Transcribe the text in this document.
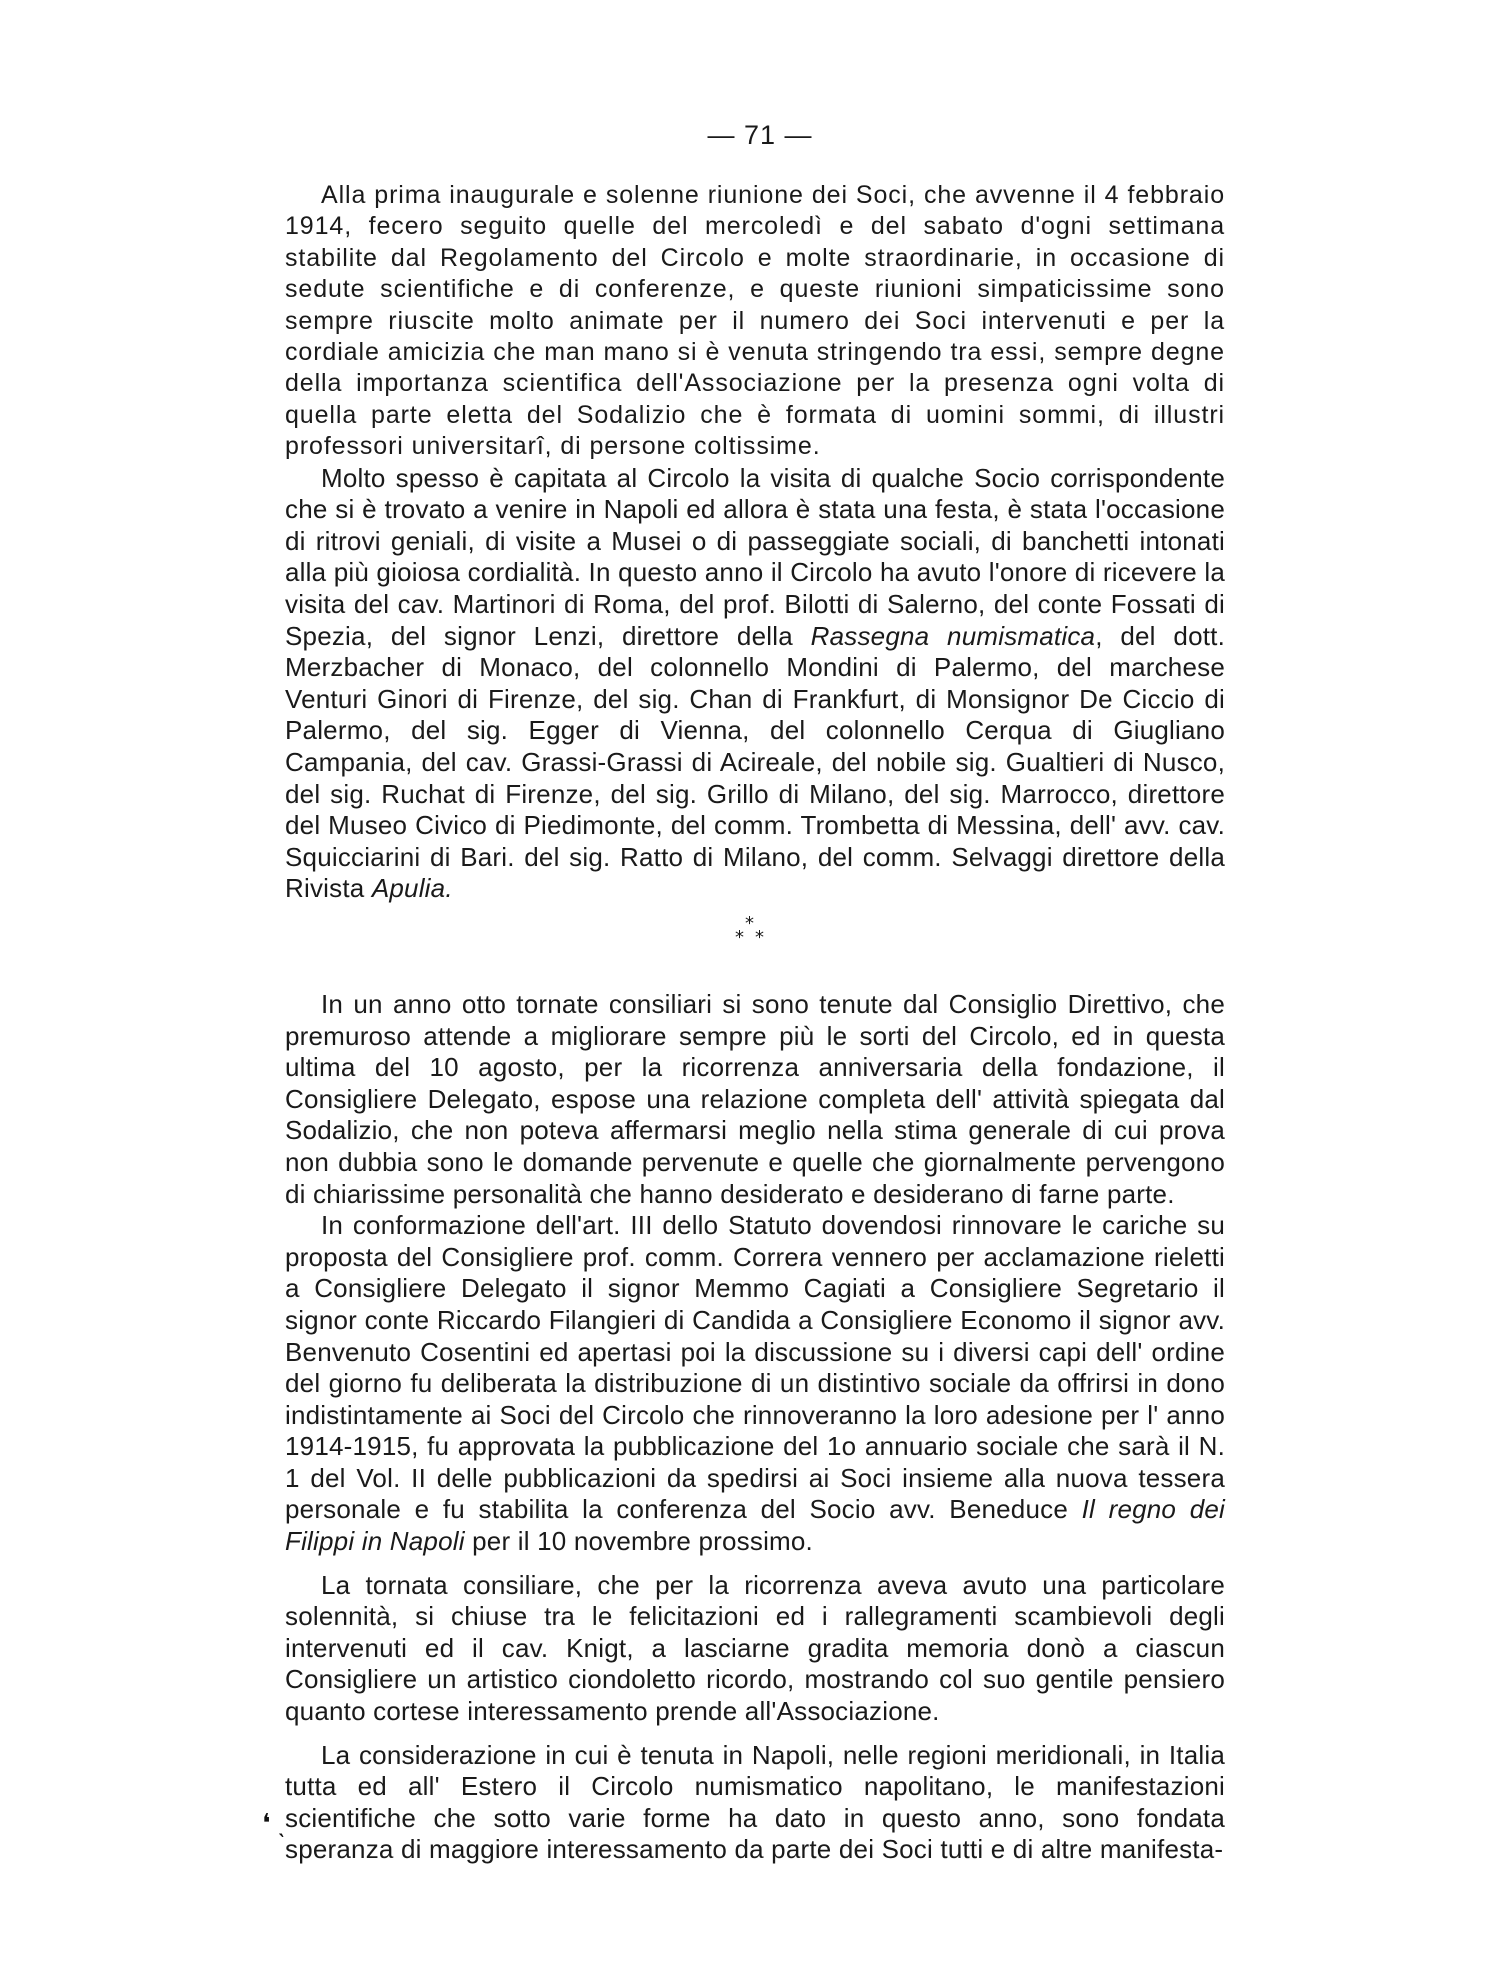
— 71 —

Alla prima inaugurale e solenne riunione dei Soci, che avvenne il 4 febbraio 1914, fecero seguito quelle del mercoledì e del sabato d'ogni settimana stabilite dal Regolamento del Circolo e molte straordinarie, in occasione di sedute scientifiche e di conferenze, e queste riunioni simpaticissime sono sempre riuscite molto animate per il numero dei Soci intervenuti e per la cordiale amicizia che man mano si è venuta stringendo tra essi, sempre degne della importanza scientifica dell'Associazione per la presenza ogni volta di quella parte eletta del Sodalizio che è formata di uomini sommi, di illustri professori universitarî, di persone coltissime.

Molto spesso è capitata al Circolo la visita di qualche Socio corrispondente che si è trovato a venire in Napoli ed allora è stata una festa, è stata l'occasione di ritrovi geniali, di visite a Musei o di passeggiate sociali, di banchetti intonati alla più gioiosa cordialità. In questo anno il Circolo ha avuto l'onore di ricevere la visita del cav. Martinori di Roma, del prof. Bilotti di Salerno, del conte Fossati di Spezia, del signor Lenzi, direttore della Rassegna numismatica, del dott. Merzbacher di Monaco, del colonnello Mondini di Palermo, del marchese Venturi Ginori di Firenze, del sig. Chan di Frankfurt, di Monsignor De Ciccio di Palermo, del sig. Egger di Vienna, del colonnello Cerqua di Giugliano Campania, del cav. Grassi-Grassi di Acireale, del nobile sig. Gualtieri di Nusco, del sig. Ruchat di Firenze, del sig. Grillo di Milano, del sig. Marrocco, direttore del Museo Civico di Piedimonte, del comm. Trombetta di Messina, dell' avv. cav. Squicciarini di Bari. del sig. Ratto di Milano, del comm. Selvaggi direttore della Rivista Apulia.

*
* *

In un anno otto tornate consiliari si sono tenute dal Consiglio Direttivo, che premuroso attende a migliorare sempre più le sorti del Circolo, ed in questa ultima del 10 agosto, per la ricorrenza anniversaria della fondazione, il Consigliere Delegato, espose una relazione completa dell' attività spiegata dal Sodalizio, che non poteva affermarsi meglio nella stima generale di cui prova non dubbia sono le domande pervenute e quelle che giornalmente pervengono di chiarissime personalità che hanno desiderato e desiderano di farne parte.

In conformazione dell'art. III dello Statuto dovendosi rinnovare le cariche su proposta del Consigliere prof. comm. Correra vennero per acclamazione rieletti a Consigliere Delegato il signor Memmo Cagiati a Consigliere Segretario il signor conte Riccardo Filangieri di Candida a Consigliere Economo il signor avv. Benvenuto Cosentini ed apertasi poi la discussione su i diversi capi dell' ordine del giorno fu deliberata la distribuzione di un distintivo sociale da offrirsi in dono indistintamente ai Soci del Circolo che rinnoveranno la loro adesione per l' anno 1914-1915, fu approvata la pubblicazione del 1o annuario sociale che sarà il N. 1 del Vol. II delle pubblicazioni da spedirsi ai Soci insieme alla nuova tessera personale e fu stabilita la conferenza del Socio avv. Beneduce Il regno dei Filippi in Napoli per il 10 novembre prossimo.

La tornata consiliare, che per la ricorrenza aveva avuto una particolare solennità, si chiuse tra le felicitazioni ed i rallegramenti scambievoli degli intervenuti ed il cav. Knigt, a lasciarne gradita memoria donò a ciascun Consigliere un artistico ciondoletto ricordo, mostrando col suo gentile pensiero quanto cortese interessamento prende all'Associazione.

La considerazione in cui è tenuta in Napoli, nelle regioni meridionali, in Italia tutta ed all' Estero il Circolo numismatico napolitano, le manifestazioni scientifiche che sotto varie forme ha dato in questo anno, sono fondata speranza di maggiore interessamento da parte dei Soci tutti e di altre manifesta-

❛ ˎ
